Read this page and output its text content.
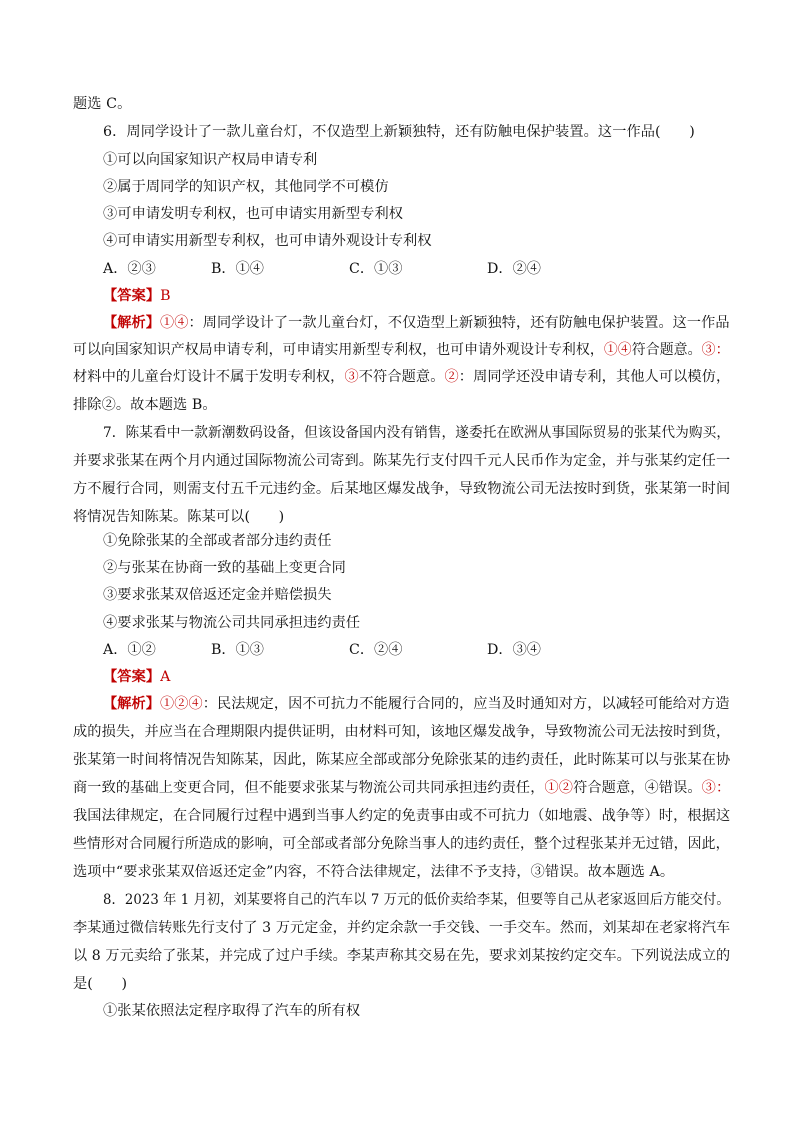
题选 C。
6．周同学设计了一款儿童台灯，不仅造型上新颖独特，还有防触电保护装置。这一作品(　　)
①可以向国家知识产权局申请专利
②属于周同学的知识产权，其他同学不可模仿
③可申请发明专利权，也可申请实用新型专利权
④可申请实用新型专利权，也可申请外观设计专利权
A．②③	B．①④	C．①③	D．②④
【答案】B
【解析】①④：周同学设计了一款儿童台灯，不仅造型上新颖独特，还有防触电保护装置。这一作品
可以向国家知识产权局申请专利，可申请实用新型专利权，也可申请外观设计专利权，①④符合题意。③：
材料中的儿童台灯设计不属于发明专利权，③不符合题意。②：周同学还没申请专利，其他人可以模仿，
排除②。故本题选 B。
7．陈某看中一款新潮数码设备，但该设备国内没有销售，遂委托在欧洲从事国际贸易的张某代为购买，
并要求张某在两个月内通过国际物流公司寄到。陈某先行支付四千元人民币作为定金，并与张某约定任一
方不履行合同，则需支付五千元违约金。后某地区爆发战争，导致物流公司无法按时到货，张某第一时间
将情况告知陈某。陈某可以(　　)
①免除张某的全部或者部分违约责任
②与张某在协商一致的基础上变更合同
③要求张某双倍返还定金并赔偿损失
④要求张某与物流公司共同承担违约责任
A．①②	B．①③	C．②④	D．③④
【答案】A
【解析】①②④：民法规定，因不可抗力不能履行合同的，应当及时通知对方，以减轻可能给对方造
成的损失，并应当在合理期限内提供证明，由材料可知，该地区爆发战争，导致物流公司无法按时到货，
张某第一时间将情况告知陈某，因此，陈某应全部或部分免除张某的违约责任，此时陈某可以与张某在协
商一致的基础上变更合同，但不能要求张某与物流公司共同承担违约责任，①②符合题意，④错误。③：
我国法律规定，在合同履行过程中遇到当事人约定的免责事由或不可抗力（如地震、战争等）时，根据这
些情形对合同履行所造成的影响，可全部或者部分免除当事人的违约责任，整个过程张某并无过错，因此，
选项中“要求张某双倍返还定金”内容，不符合法律规定，法律不予支持，③错误。故本题选 A。
8．2023 年 1 月初，刘某要将自己的汽车以 7 万元的低价卖给李某，但要等自己从老家返回后方能交付。
李某通过微信转账先行支付了 3 万元定金，并约定余款一手交钱、一手交车。然而，刘某却在老家将汽车
以 8 万元卖给了张某，并完成了过户手续。李某声称其交易在先，要求刘某按约定交车。下列说法成立的
是(　　)
①张某依照法定程序取得了汽车的所有权
